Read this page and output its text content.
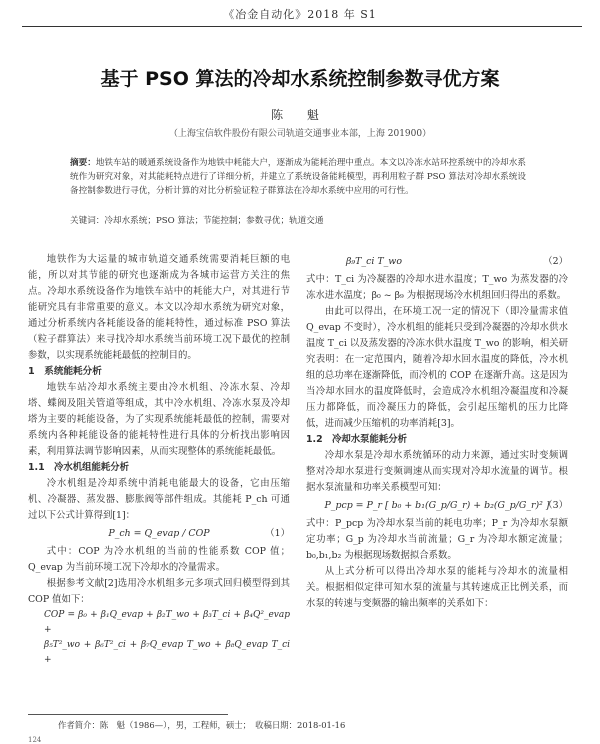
《冶金自动化》2018 年 S1
基于 PSO 算法的冷却水系统控制参数寻优方案
陈 魁
（上海宝信软件股份有限公司轨道交通事业本部，上海 201900）
摘要：地铁车站的暖通系统设备作为地铁中耗能大户，逐渐成为能耗治理中重点。本文以冷冻水站环控系统中的冷却水系统作为研究对象，对其能耗特点进行了详细分析，并建立了系统设备能耗模型，再利用粒子群 PSO 算法对冷却水系统设备控制参数进行寻优，分析计算的对比分析验证粒子群算法在冷却水系统中应用的可行性。
关键词：冷却水系统；PSO 算法；节能控制；参数寻优；轨道交通

地铁作为大运量的城市轨道交通系统需要消耗巨额的电能，所以对其节能的研究也逐渐成为各城市运营方关注的焦点。冷却水系统设备作为地铁车站中的耗能大户，对其进行节能研究具有非常重要的意义。本文以冷却水系统为研究对象，通过分析系统内各耗能设备的能耗特性，通过标准 PSO 算法（粒子群算法）来寻找冷却水系统当前环境工况下最优的控制参数，以实现系统能耗最低的控制目的。

1　系统能耗分析

地铁车站冷却水系统主要由冷水机组、冷冻水泵、冷却塔、蝶阀及阻关管道等组成，其中冷水机组、冷冻水泵及冷却塔为主要的耗能设备，为了实现系统能耗最低的控制，需要对系统内各种耗能设备的能耗特性进行具体的分析找出影响因素，利用算法调节影响因素，从而实现整体的系统能耗最低。

1.1　冷水机组能耗分析

冷水机组是冷却系统中消耗电能最大的设备，它由压缩机、冷凝器、蒸发器、膨胀阀等部件组成。其能耗 P_ch 可通过以下公式计算得到[1]：

P_ch = Q_evap / COP	（1）

式中：COP 为冷水机组的当前的性能系数 COP 值；Q_evap 为当前环境工况下冷却水的冷量需求。

根据参考文献[2]选用冷水机组多元多项式回归模型得到其 COP 值如下：

COP = β₀ + β₁Q_evap + β₂T_wo + β₃T_ci + β₄Q²_evap +

β₅T²_wo + β₆T²_ci + β₇Q_evap T_wo + β₈Q_evap T_ci +

β₉T_ci T_wo	（2）

式中：T_ci 为冷凝器的冷却水进水温度；T_wo 为蒸发器的冷冻水进水温度；β₀ ~ β₉ 为根据现场冷水机组回归得出的系数。

由此可以得出，在环境工况一定的情况下（即冷量需求值 Q_evap 不变时），冷水机组的能耗只受到冷凝器的冷却水供水温度 T_ci 以及蒸发器的冷冻水供水温度 T_wo 的影响，相关研究表明：在一定范围内，随着冷却水回水温度的降低，冷水机组的总功率在逐渐降低，而冷机的 COP 在逐渐升高。这是因为当冷却水回水的温度降低时，会造成冷水机组冷凝温度和冷凝压力都降低，而冷凝压力的降低，会引起压缩机的压力比降低，进而减少压缩机的功率消耗[3]。

1.2　冷却水泵能耗分析

冷却水泵是冷却水系统循环的动力来源，通过实时变频调整对冷却水泵进行变频调速从而实现对冷却水流量的调节。根据水泵流量和功率关系模型可知：

P_pcp = P_r [ b₀ + b₁(G_p/G_r) + b₂(G_p/G_r)² ]
（3）

式中：P_pcp 为冷却水泵当前的耗电功率；P_r 为冷却水泵额定功率；G_p 为冷却水当前流量；G_r 为冷却水额定流量；b₀,b₁,b₂ 为根据现场数据拟合系数。

从上式分析可以得出冷却水泵的能耗与冷却水的流量相关。根据相似定律可知水泵的流量与其转速成正比例关系，而水泵的转速与变频器的输出频率的关系如下：

作者简介：陈　魁（1986—），男，工程师，硕士；　收稿日期：2018-01-16
124
